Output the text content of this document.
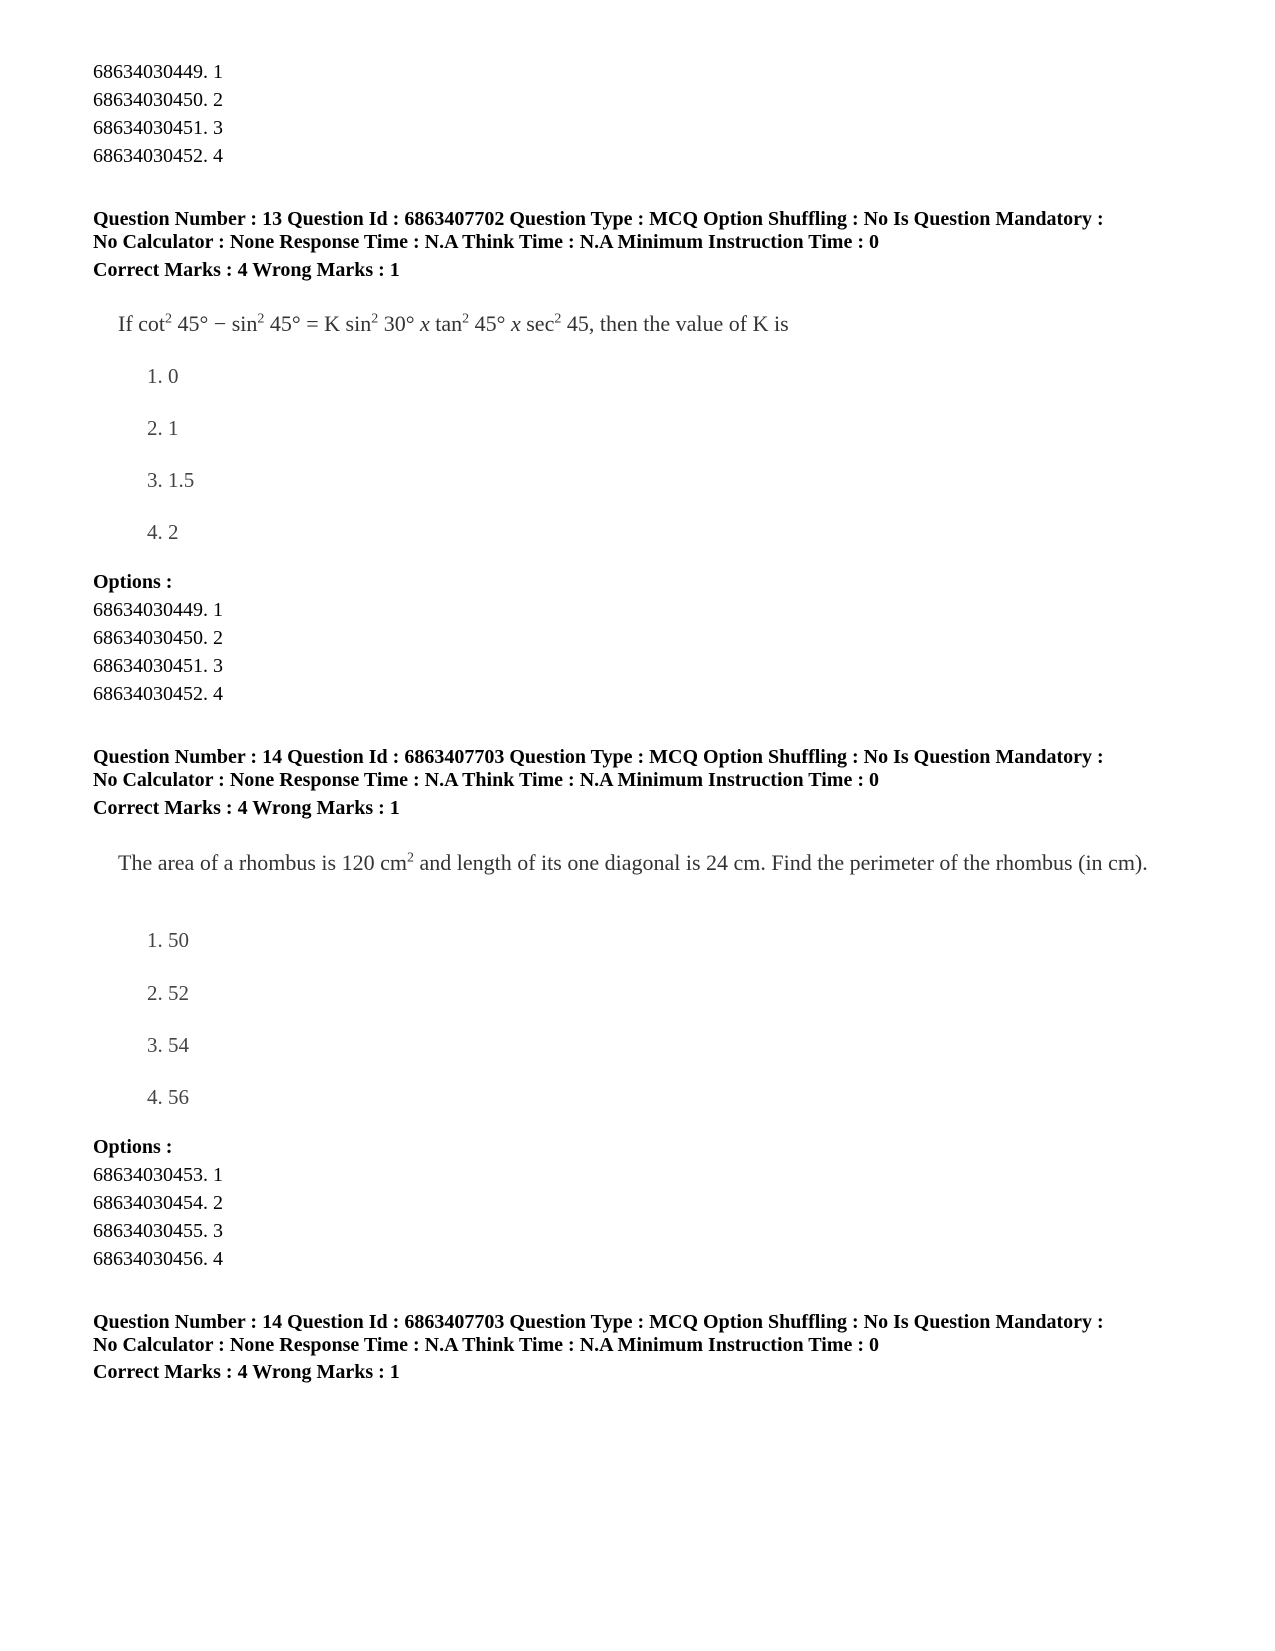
68634030449. 1
68634030450. 2
68634030451. 3
68634030452. 4
Question Number : 13 Question Id : 6863407702 Question Type : MCQ Option Shuffling : No Is Question Mandatory :
No Calculator : None Response Time : N.A Think Time : N.A Minimum Instruction Time : 0
Correct Marks : 4 Wrong Marks : 1
If $\cot^2 45^\circ - \sin^2 45^\circ = K$ $\sin^2 30^\circ$ x $\tan^2 45^\circ$ x $\sec^2 45$, then the value of K is
1. 0
2. 1
3. 1.5
4. 2
Options :
68634030449. 1
68634030450. 2
68634030451. 3
68634030452. 4
Question Number : 14 Question Id : 6863407703 Question Type : MCQ Option Shuffling : No Is Question Mandatory :
No Calculator : None Response Time : N.A Think Time : N.A Minimum Instruction Time : 0
Correct Marks : 4 Wrong Marks : 1
The area of a rhombus is 120 $cm^2$ and length of its one diagonal is 24 cm. Find the perimeter of the rhombus (in cm).
1. 50
2. 52
3. 54
4. 56
Options :
68634030453. 1
68634030454. 2
68634030455. 3
68634030456. 4
Question Number : 14 Question Id : 6863407703 Question Type : MCQ Option Shuffling : No Is Question Mandatory :
No Calculator : None Response Time : N.A Think Time : N.A Minimum Instruction Time : 0
Correct Marks : 4 Wrong Marks : 1
